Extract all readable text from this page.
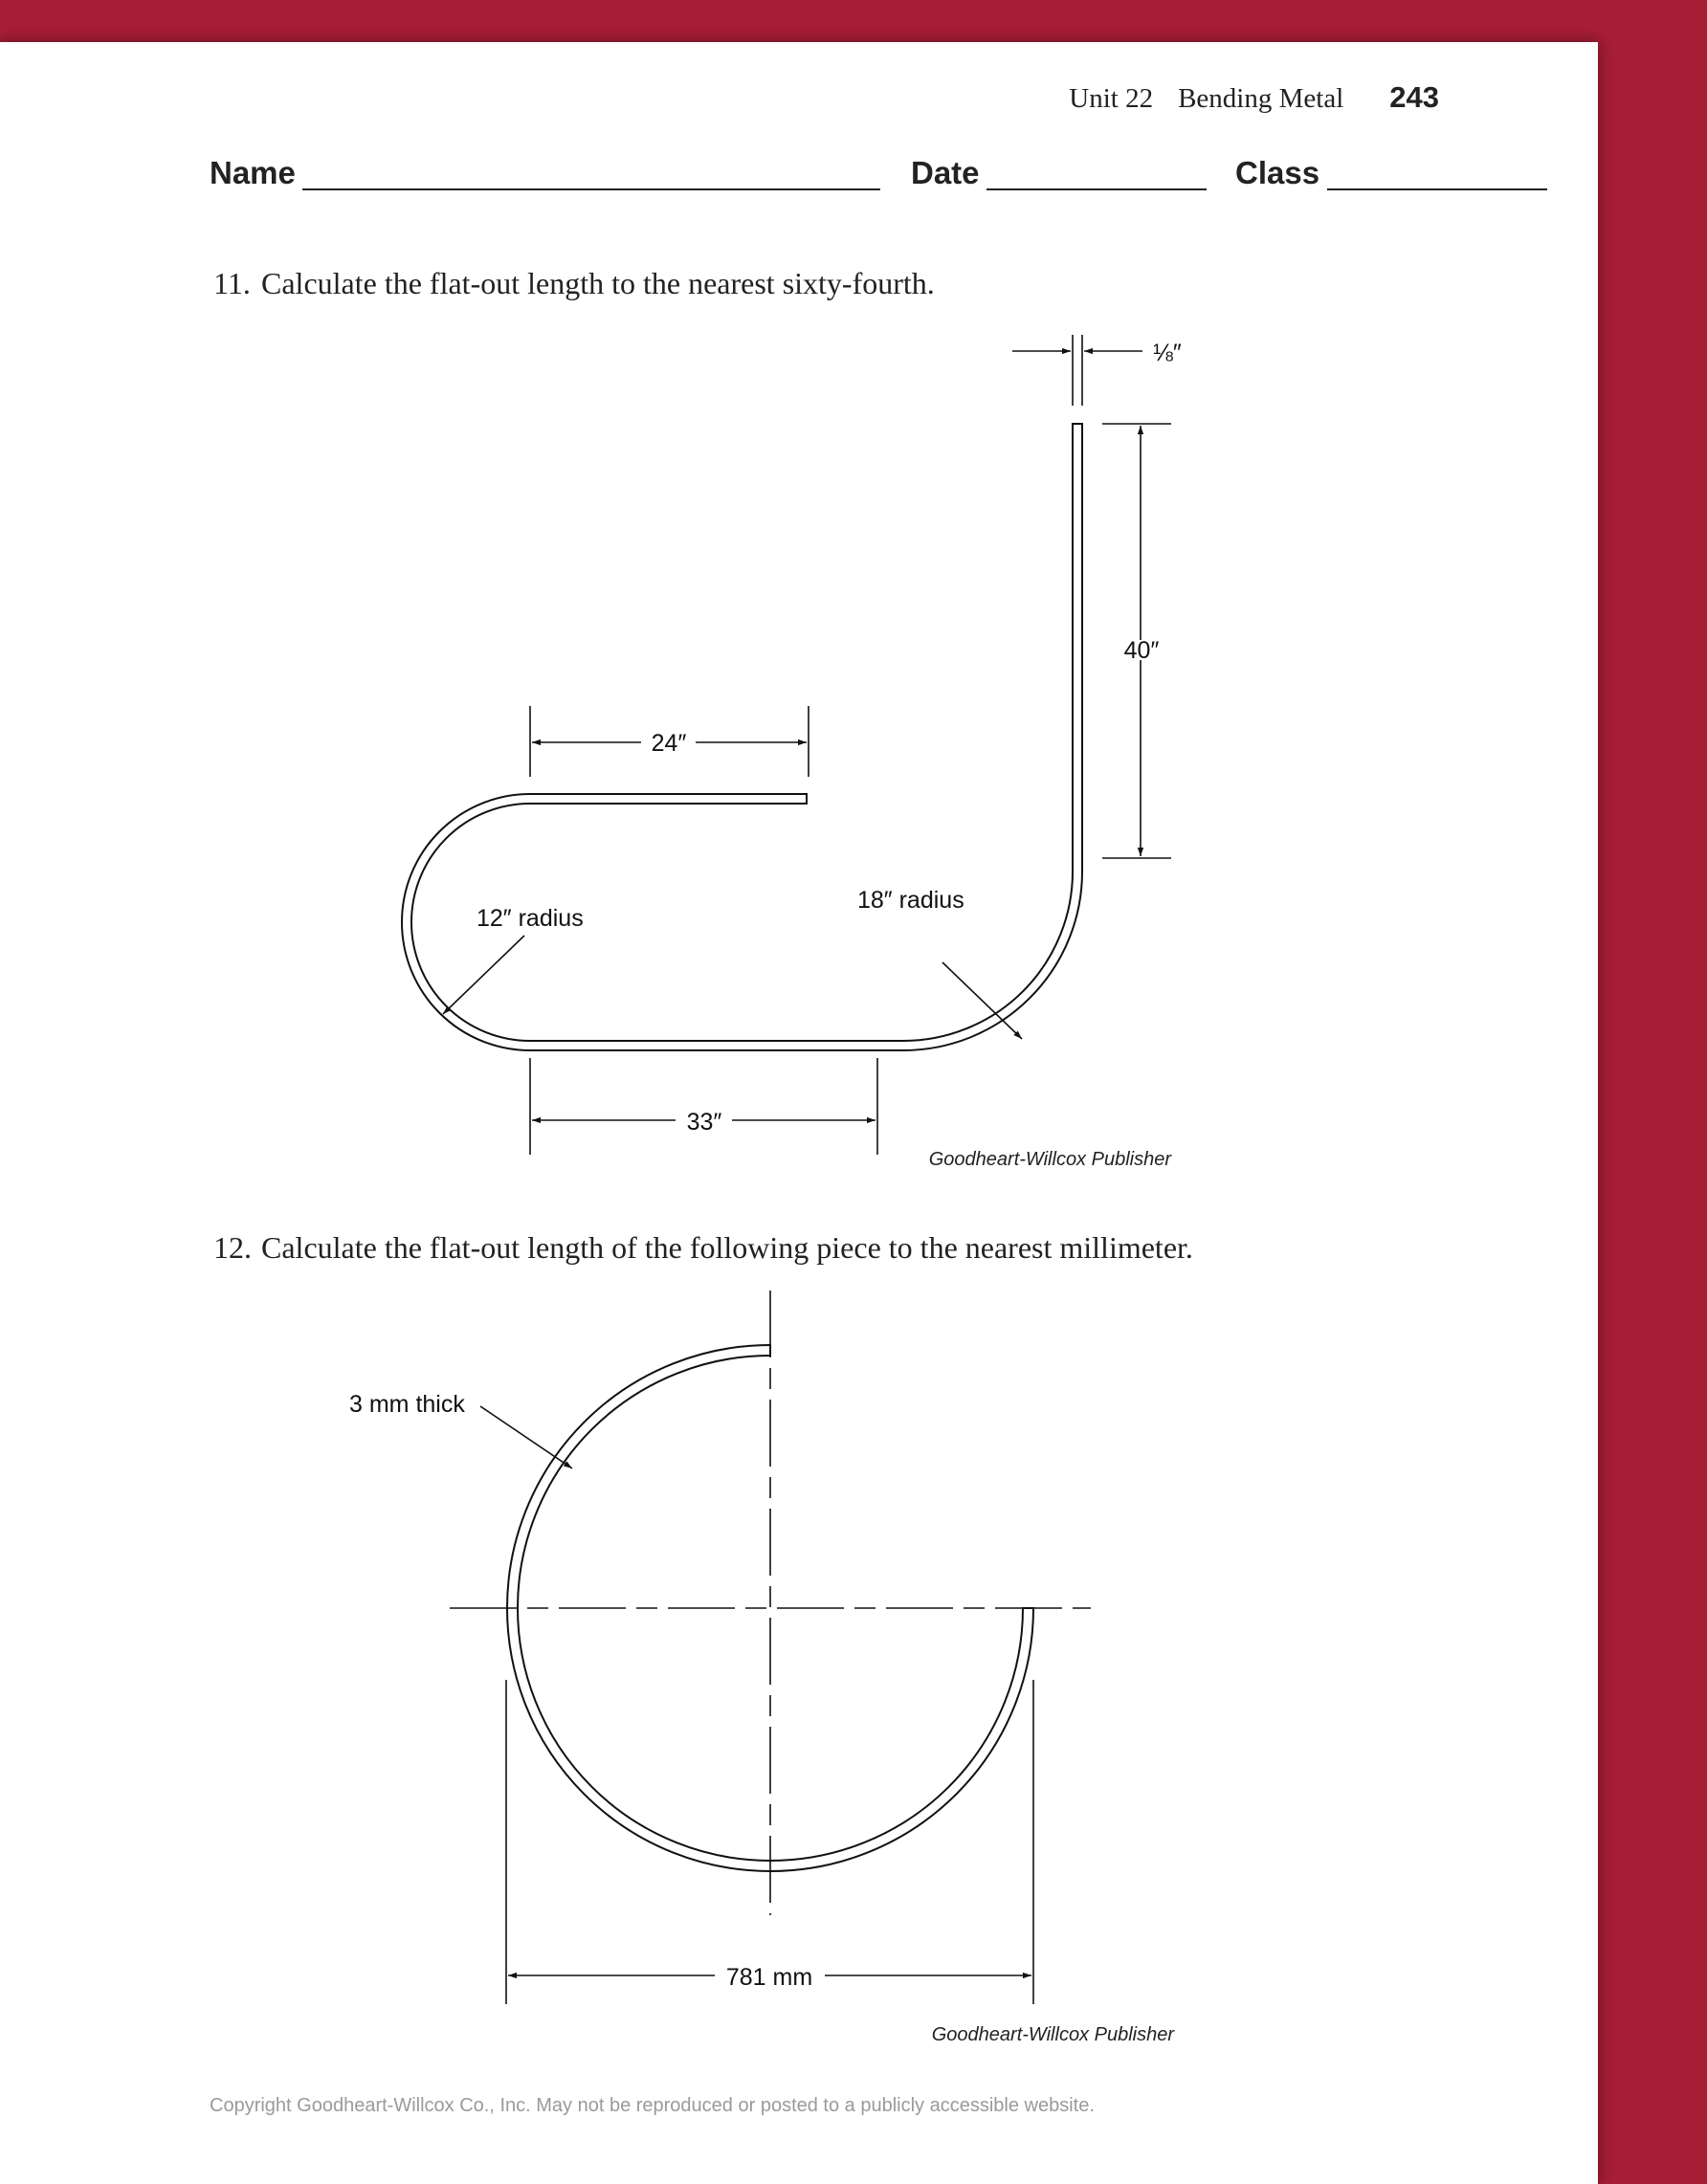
Unit 22 Bending Metal 243
Name	Date	Class
11. Calculate the flat-out length to the nearest sixty-fourth.
12. Calculate the flat-out length of the following piece to the nearest millimeter.
⅛″
40″
24″
33″
12″ radius
18″ radius
3 mm thick
781 mm
Goodheart-Willcox Publisher
Goodheart-Willcox Publisher
Copyright Goodheart-Willcox Co., Inc. May not be reproduced or posted to a publicly accessible website.
